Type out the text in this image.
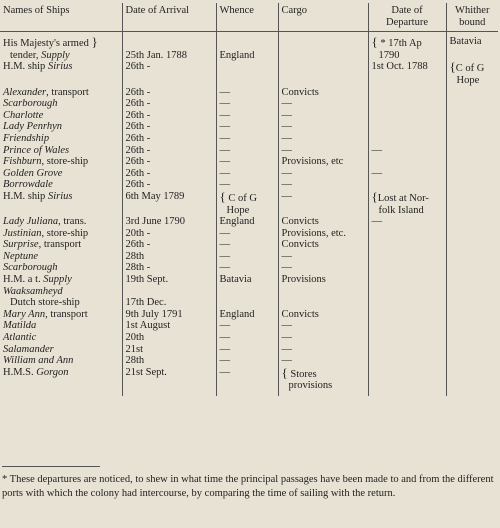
Names of Ships	Date of Arrival	Whence	Cargo	Date of Departure	Whither bound
His Majesty's armed }				{ * 17th Ap	Batavia
tender, Supply	25th Jan. 1788	England		1790	
H.M. ship Sirius	26th -			1st Oct. 1788	{C of G
					Hope
Alexander, transport	26th -	—	Convicts		
Scarborough	26th -	—	—		
Charlotte	26th -	—	—		
Lady Penrhyn	26th -	—	—		
Friendship	26th -	—	—		
Prince of Wales	26th -	—	—	—	
Fishburn, store-ship	26th -	—	Provisions, etc		
Golden Grove	26th -	—	—	—	
Borrowdale	26th -	—	—		
H.M. ship Sirius	6th May 1789	{ C of G	—	{Lost at Nor-	
		Hope		folk Island	
Lady Juliana, trans.	3rd June 1790	England	Convicts	—	
Justinian, store-ship	20th -	—	Provisions, etc.		
Surprise, transport	26th -	—	Convicts		
Neptune	28th	—	—		
Scarborough	28th -	—	—		
H.M. a t. Supply	19th Sept.	Batavia	Provisions		
Waaksamheyd					
Dutch store-ship	17th Dec.				
Mary Ann, transport	9th July 1791	England	Convicts		
Matilda	1st August	—	—		
Atlantic	20th	—	—		
Salamander	21st	—	—		
William and Ann	28th	—	—		
H.M.S. Gorgon	21st Sept.	—	{ Stores		
			provisions		
* These departures are noticed, to shew in what time the principal passages have been made to and from the different ports with which the colony had intercourse, by comparing the time of sailing with the return.
